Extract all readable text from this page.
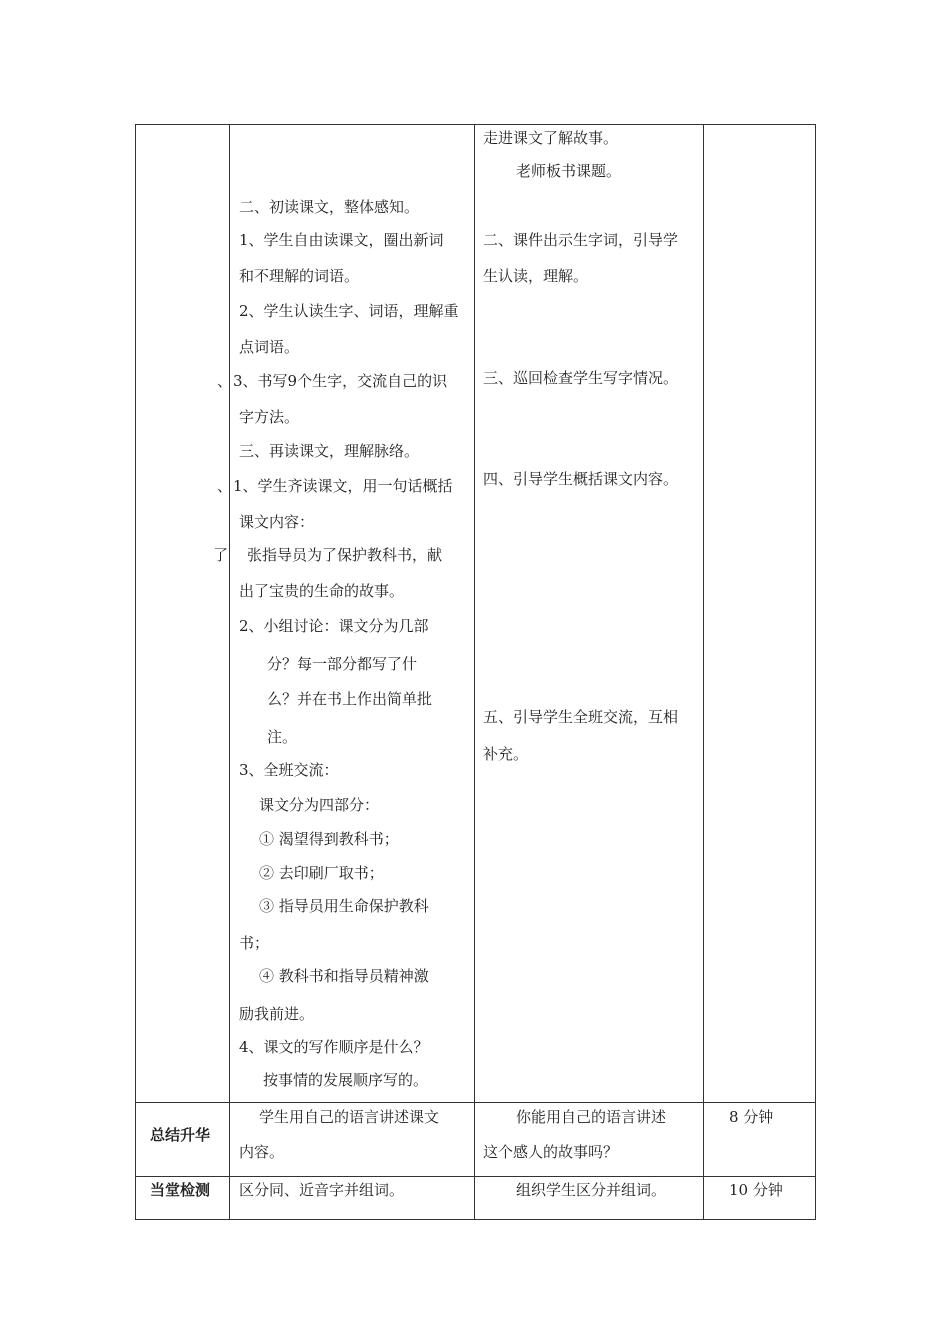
、
、
了
二、初读课文，整体感知。
1、学生自由读课文，圈出新词
和不理解的词语。
2、学生认读生字、词语，理解重
点词语。
3、书写9个生字，交流自己的识
字方法。
三、再读课文，理解脉络。
1、学生齐读课文，用一句话概括
课文内容：
张指导员为了保护教科书，献
出了宝贵的生命的故事。
2、小组讨论：课文分为几部
分？每一部分都写了什
么？并在书上作出简单批
注。
3、全班交流：
课文分为四部分：
① 渴望得到教科书；
② 去印刷厂取书；
③ 指导员用生命保护教科
书；
④ 教科书和指导员精神激
励我前进。
4、课文的写作顺序是什么？
按事情的发展顺序写的。
走进课文了解故事。
老师板书课题。
二、课件出示生字词，引导学
生认读，理解。
三、巡回检查学生写字情况。
四、引导学生概括课文内容。
五、引导学生全班交流，互相
补充。
总结升华
学生用自己的语言讲述课文
内容。
你能用自己的语言讲述
这个感人的故事吗？
8 分钟
当堂检测 区分同、近音字并组词。	组织学生区分并组词。	10 分钟
